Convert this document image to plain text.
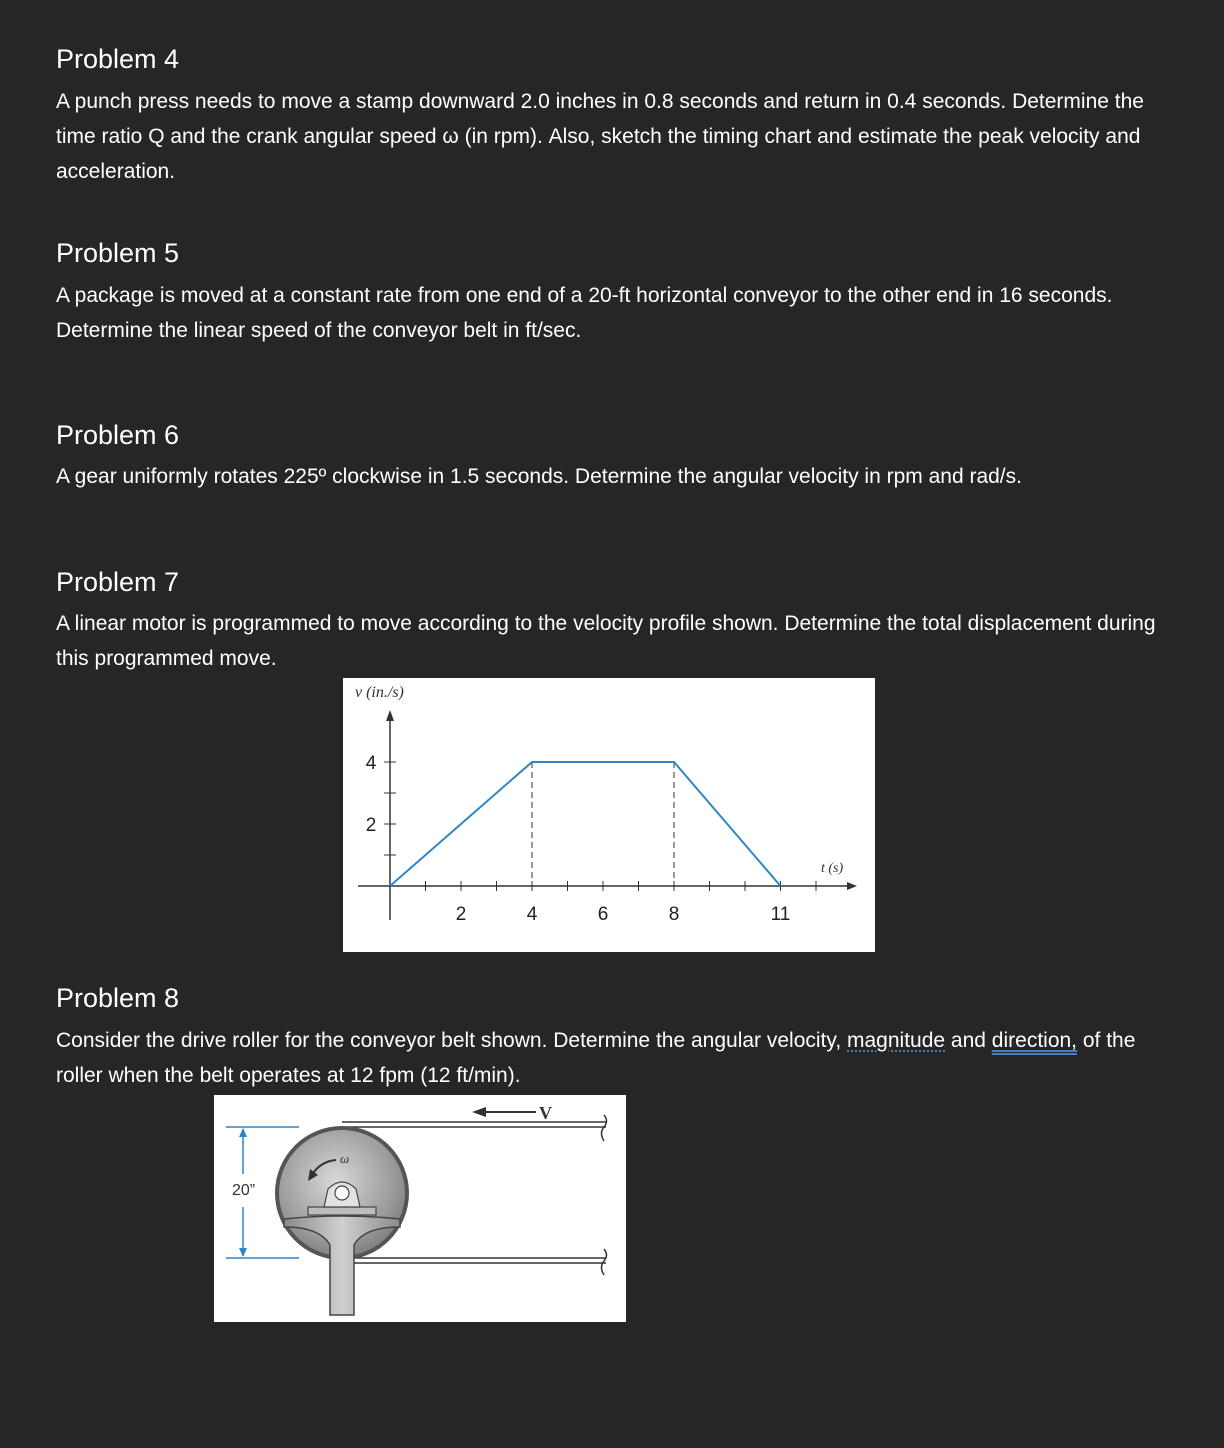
Problem 4

A punch press needs to move a stamp downward 2.0 inches in 0.8 seconds and return in 0.4 seconds. Determine the time ratio Q and the crank angular speed ω (in rpm). Also, sketch the timing chart and estimate the peak velocity and acceleration.

Problem 5

A package is moved at a constant rate from one end of a 20-ft horizontal conveyor to the other end in 16 seconds. Determine the linear speed of the conveyor belt in ft/sec.

Problem 6

A gear uniformly rotates 225º clockwise in 1.5 seconds. Determine the angular velocity in rpm and rad/s.

Problem 7

A linear motor is programmed to move according to the velocity profile shown. Determine the total displacement during this programmed move.

2	4	6	8	11
4
2
v (in./s)
t (s)
Problem 8

Consider the drive roller for the conveyor belt shown. Determine the angular velocity, magnitude and direction, of the roller when the belt operates at 12 fpm (12 ft/min).

20”
V
ω
